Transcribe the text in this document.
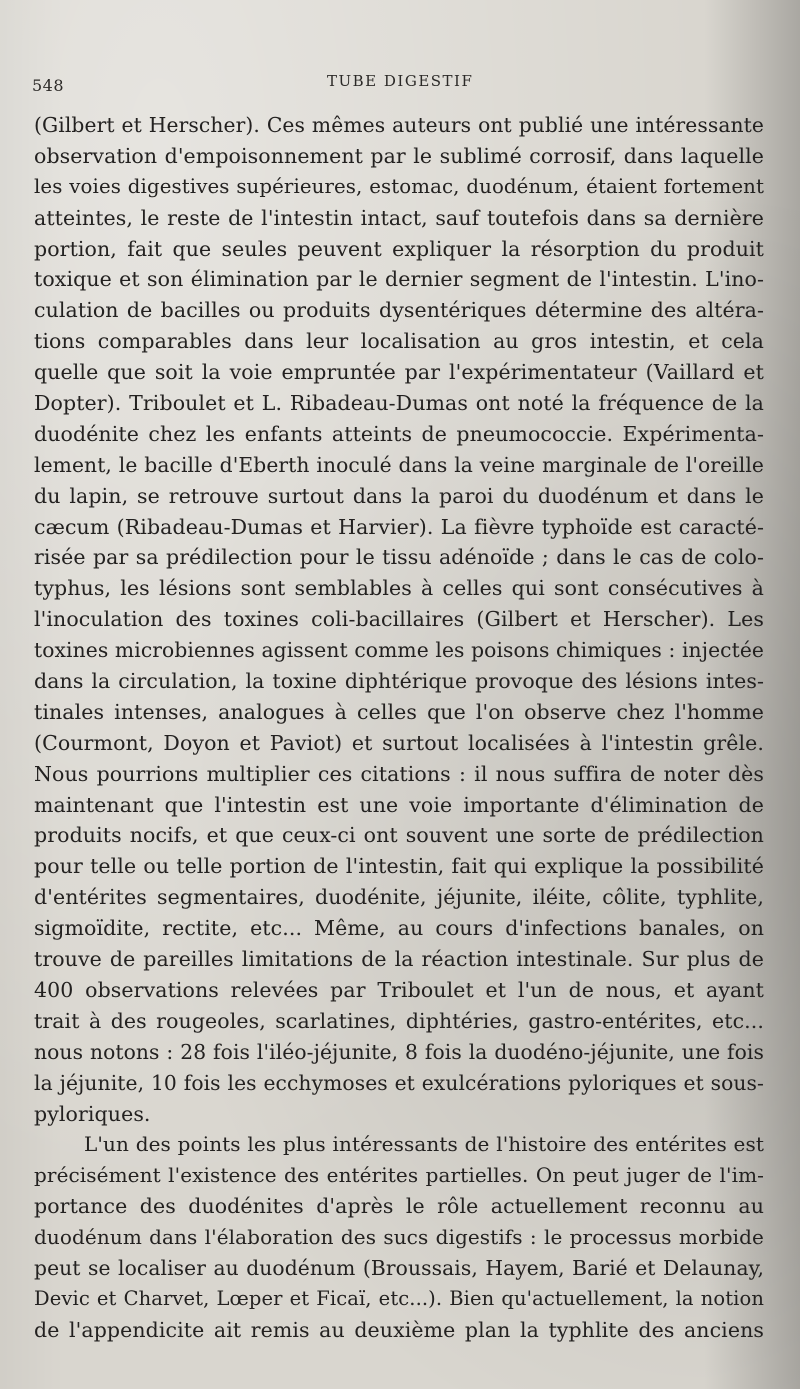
548	TUBE DIGESTIF
(Gilbert et Herscher). Ces mêmes auteurs ont publié une intéressante
observation d'empoisonnement par le sublimé corrosif, dans laquelle
les voies digestives supérieures, estomac, duodénum, étaient fortement
atteintes, le reste de l'intestin intact, sauf toutefois dans sa dernière
portion, fait que seules peuvent expliquer la résorption du produit
toxique et son élimination par le dernier segment de l'intestin. L'ino-
culation de bacilles ou produits dysentériques détermine des altéra-
tions comparables dans leur localisation au gros intestin, et cela
quelle que soit la voie empruntée par l'expérimentateur (Vaillard et
Dopter). Triboulet et L. Ribadeau-Dumas ont noté la fréquence de la
duodénite chez les enfants atteints de pneumococcie. Expérimenta-
lement, le bacille d'Eberth inoculé dans la veine marginale de l'oreille
du lapin, se retrouve surtout dans la paroi du duodénum et dans le
cæcum (Ribadeau-Dumas et Harvier). La fièvre typhoïde est caracté-
risée par sa prédilection pour le tissu adénoïde ; dans le cas de colo-
typhus, les lésions sont semblables à celles qui sont consécutives à
l'inoculation des toxines coli-bacillaires (Gilbert et Herscher). Les
toxines microbiennes agissent comme les poisons chimiques : injectée
dans la circulation, la toxine diphtérique provoque des lésions intes-
tinales intenses, analogues à celles que l'on observe chez l'homme
(Courmont, Doyon et Paviot) et surtout localisées à l'intestin grêle.
Nous pourrions multiplier ces citations : il nous suffira de noter dès
maintenant que l'intestin est une voie importante d'élimination de
produits nocifs, et que ceux-ci ont souvent une sorte de prédilection
pour telle ou telle portion de l'intestin, fait qui explique la possibilité
d'entérites segmentaires, duodénite, jéjunite, iléite, côlite, typhlite,
sigmoïdite, rectite, etc... Même, au cours d'infections banales, on
trouve de pareilles limitations de la réaction intestinale. Sur plus de
400 observations relevées par Triboulet et l'un de nous, et ayant
trait à des rougeoles, scarlatines, diphtéries, gastro-entérites, etc...
nous notons : 28 fois l'iléo-jéjunite, 8 fois la duodéno-jéjunite, une fois
la jéjunite, 10 fois les ecchymoses et exulcérations pyloriques et sous-
pyloriques.
L'un des points les plus intéressants de l'histoire des entérites est
précisément l'existence des entérites partielles. On peut juger de l'im-
portance des duodénites d'après le rôle actuellement reconnu au
duodénum dans l'élaboration des sucs digestifs : le processus morbide
peut se localiser au duodénum (Broussais, Hayem, Barié et Delaunay,
Devic et Charvet, Lœper et Ficaï, etc...). Bien qu'actuellement, la notion
de l'appendicite ait remis au deuxième plan la typhlite des anciens
